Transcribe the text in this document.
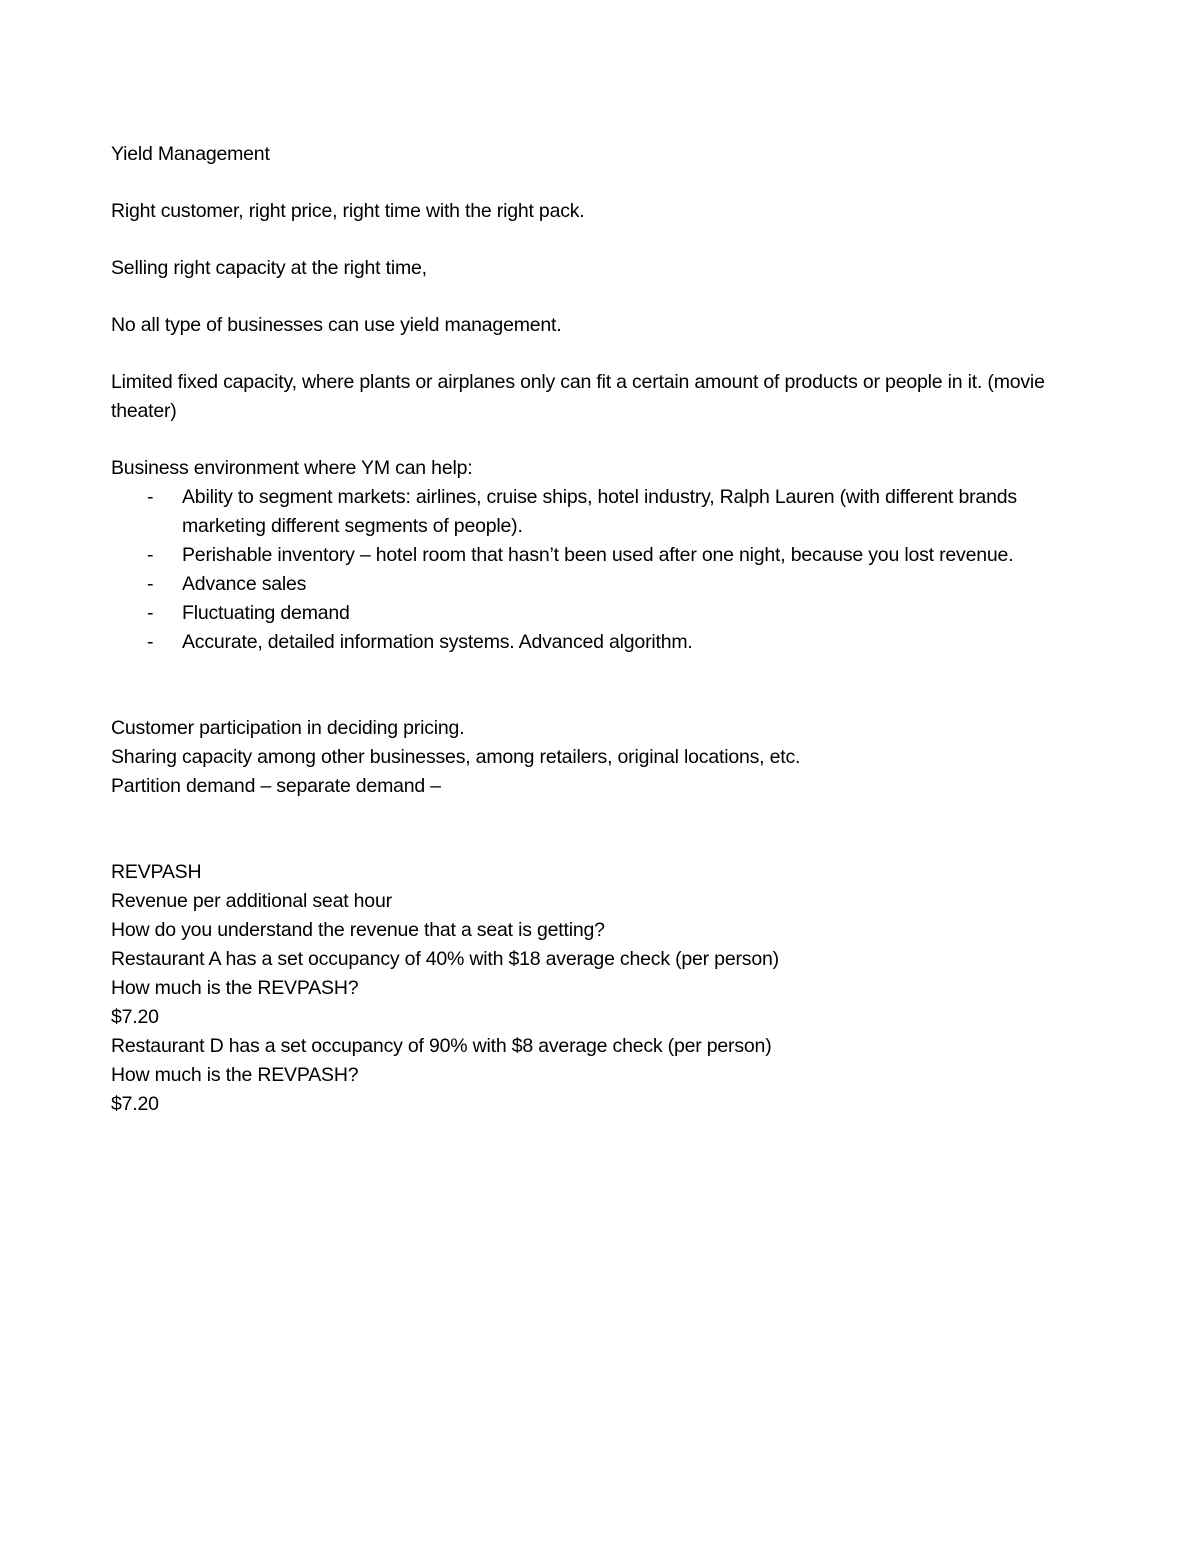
Yield Management

Right customer, right price, right time with the right pack.

Selling right capacity at the right time,

No all type of businesses can use yield management.

Limited fixed capacity, where plants or airplanes only can fit a certain amount of products or people in it. (movie theater)

Business environment where YM can help:

- Ability to segment markets: airlines, cruise ships, hotel industry, Ralph Lauren (with different brands marketing different segments of people).
- Perishable inventory – hotel room that hasn’t been used after one night, because you lost revenue.
- Advance sales
- Fluctuating demand
- Accurate, detailed information systems. Advanced algorithm.

Customer participation in deciding pricing.

Sharing capacity among other businesses, among retailers, original locations, etc.

Partition demand – separate demand –

REVPASH

Revenue per additional seat hour

How do you understand the revenue that a seat is getting?

Restaurant A has a set occupancy of 40% with $18 average check (per person)

How much is the REVPASH?

$7.20

Restaurant D has a set occupancy of 90% with $8 average check (per person)

How much is the REVPASH?

$7.20
